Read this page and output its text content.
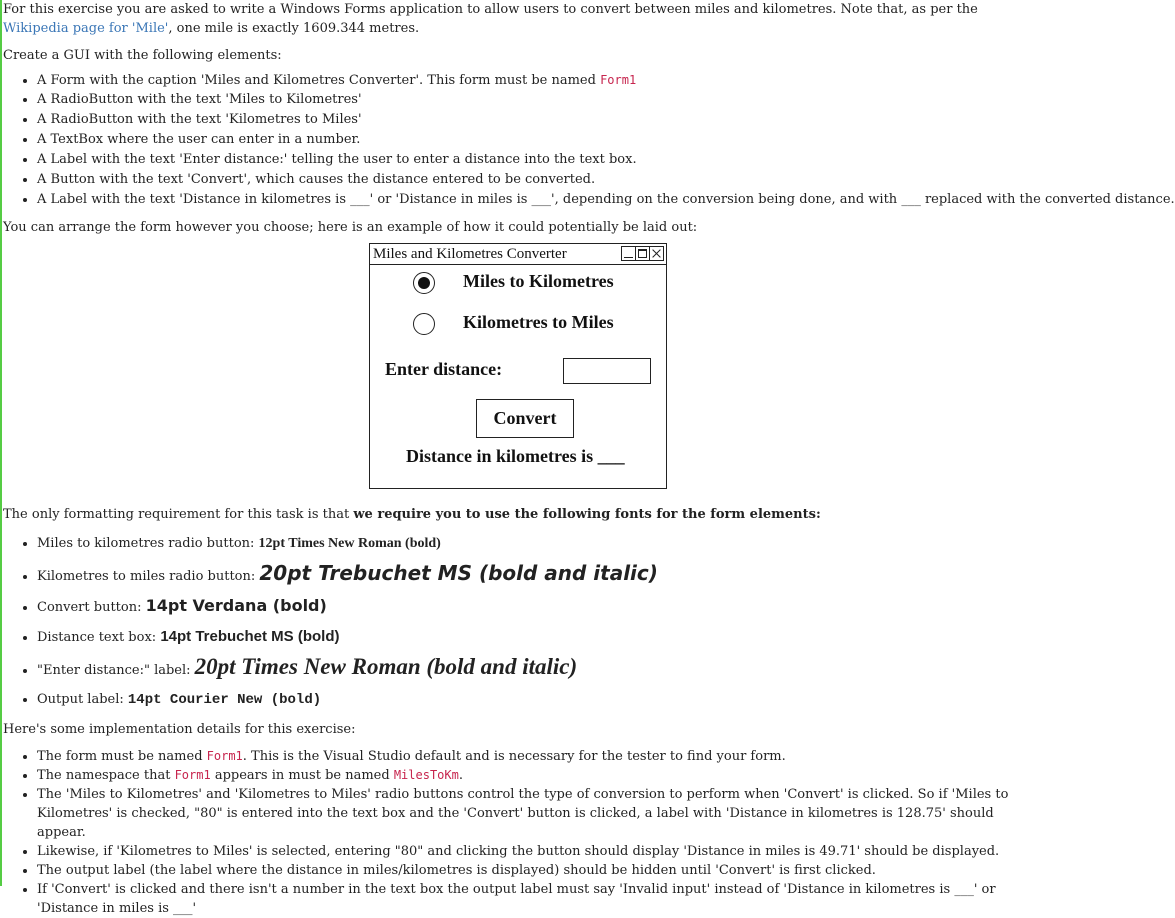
For this exercise you are asked to write a Windows Forms application to allow users to convert between miles and kilometres. Note that, as per the Wikipedia page for 'Mile', one mile is exactly 1609.344 metres.

Create a GUI with the following elements:

• A Form with the caption 'Miles and Kilometres Converter'. This form must be named Form1
• A RadioButton with the text 'Miles to Kilometres'
• A RadioButton with the text 'Kilometres to Miles'
• A TextBox where the user can enter in a number.
• A Label with the text 'Enter distance:' telling the user to enter a distance into the text box.
• A Button with the text 'Convert', which causes the distance entered to be converted.
• A Label with the text 'Distance in kilometres is ___' or 'Distance in miles is ___', depending on the conversion being done, and with ___ replaced with the converted distance.

You can arrange the form however you choose; here is an example of how it could potentially be laid out:

Miles and Kilometres Converter
Miles to Kilometres
Kilometres to Miles
Enter distance:
Convert
Distance in kilometres is ___

The only formatting requirement for this task is that we require you to use the following fonts for the form elements:

• Miles to kilometres radio button: 12pt Times New Roman (bold)
• Kilometres to miles radio button: 20pt Trebuchet MS (bold and italic)
• Convert button: 14pt Verdana (bold)
• Distance text box: 14pt Trebuchet MS (bold)
• "Enter distance:" label: 20pt Times New Roman (bold and italic)
• Output label: 14pt Courier New (bold)

Here's some implementation details for this exercise:

• The form must be named Form1. This is the Visual Studio default and is necessary for the tester to find your form.
• The namespace that Form1 appears in must be named MilesToKm.
• The 'Miles to Kilometres' and 'Kilometres to Miles' radio buttons control the type of conversion to perform when 'Convert' is clicked. So if 'Miles to Kilometres' is checked, "80" is entered into the text box and the 'Convert' button is clicked, a label with 'Distance in kilometres is 128.75' should appear.
• Likewise, if 'Kilometres to Miles' is selected, entering "80" and clicking the button should display 'Distance in miles is 49.71' should be displayed.
• The output label (the label where the distance in miles/kilometres is displayed) should be hidden until 'Convert' is first clicked.
• If 'Convert' is clicked and there isn't a number in the text box the output label must say 'Invalid input' instead of 'Distance in kilometres is ___' or 'Distance in miles is ___'
